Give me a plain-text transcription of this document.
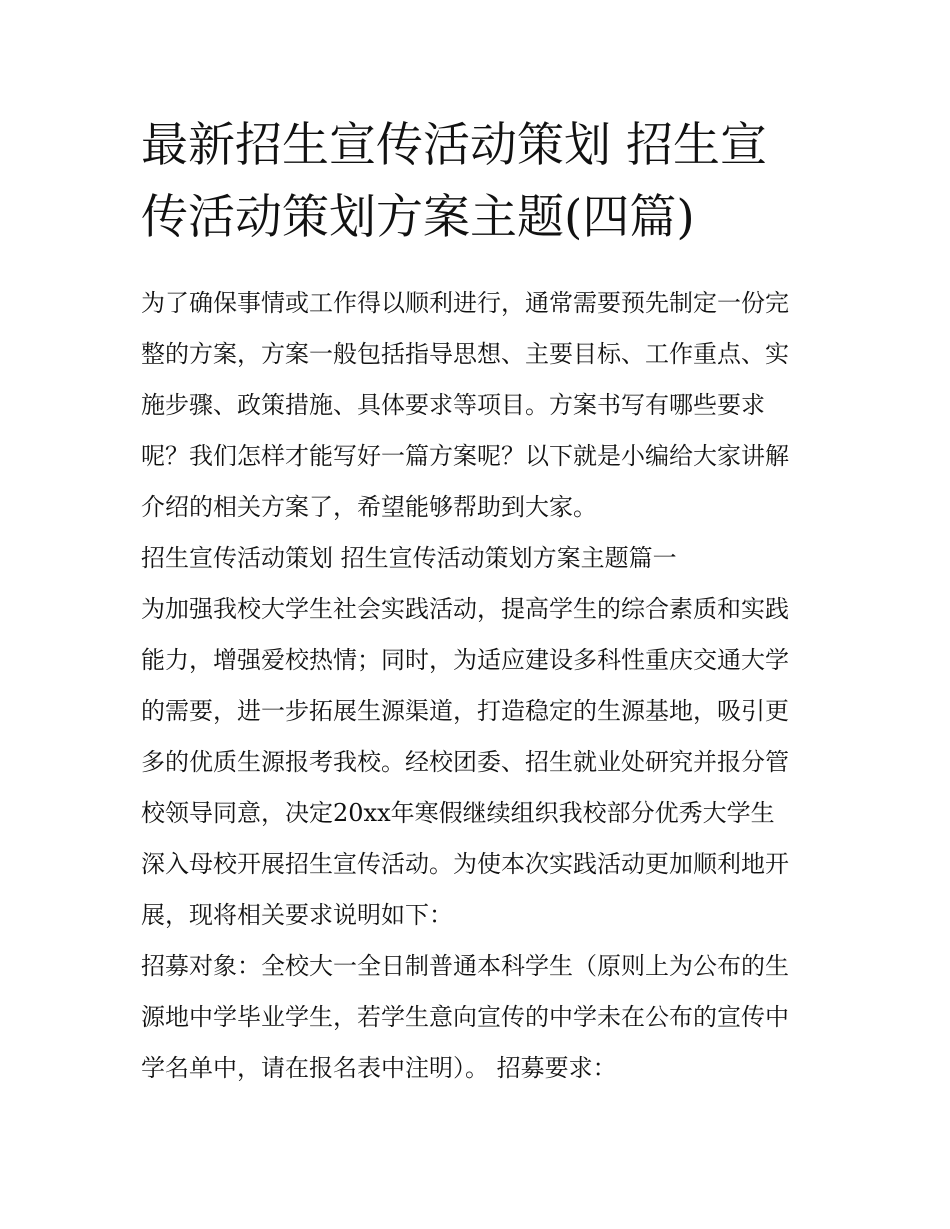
最新招生宣传活动策划 招生宣
传活动策划方案主题(四篇)

为了确保事情或工作得以顺利进行，通常需要预先制定一份完
整的方案，方案一般包括指导思想、主要目标、工作重点、实
施步骤、政策措施、具体要求等项目。方案书写有哪些要求
呢？我们怎样才能写好一篇方案呢？以下就是小编给大家讲解
介绍的相关方案了，希望能够帮助到大家。

招生宣传活动策划 招生宣传活动策划方案主题篇一

为加强我校大学生社会实践活动，提高学生的综合素质和实践
能力，增强爱校热情；同时，为适应建设多科性重庆交通大学
的需要，进一步拓展生源渠道，打造稳定的生源基地，吸引更
多的优质生源报考我校。经校团委、招生就业处研究并报分管
校领导同意，决定20xx年寒假继续组织我校部分优秀大学生
深入母校开展招生宣传活动。为使本次实践活动更加顺利地开
展，现将相关要求说明如下：

招募对象：全校大一全日制普通本科学生（原则上为公布的生
源地中学毕业学生，若学生意向宣传的中学未在公布的宣传中
学名单中，请在报名表中注明）。 招募要求：
